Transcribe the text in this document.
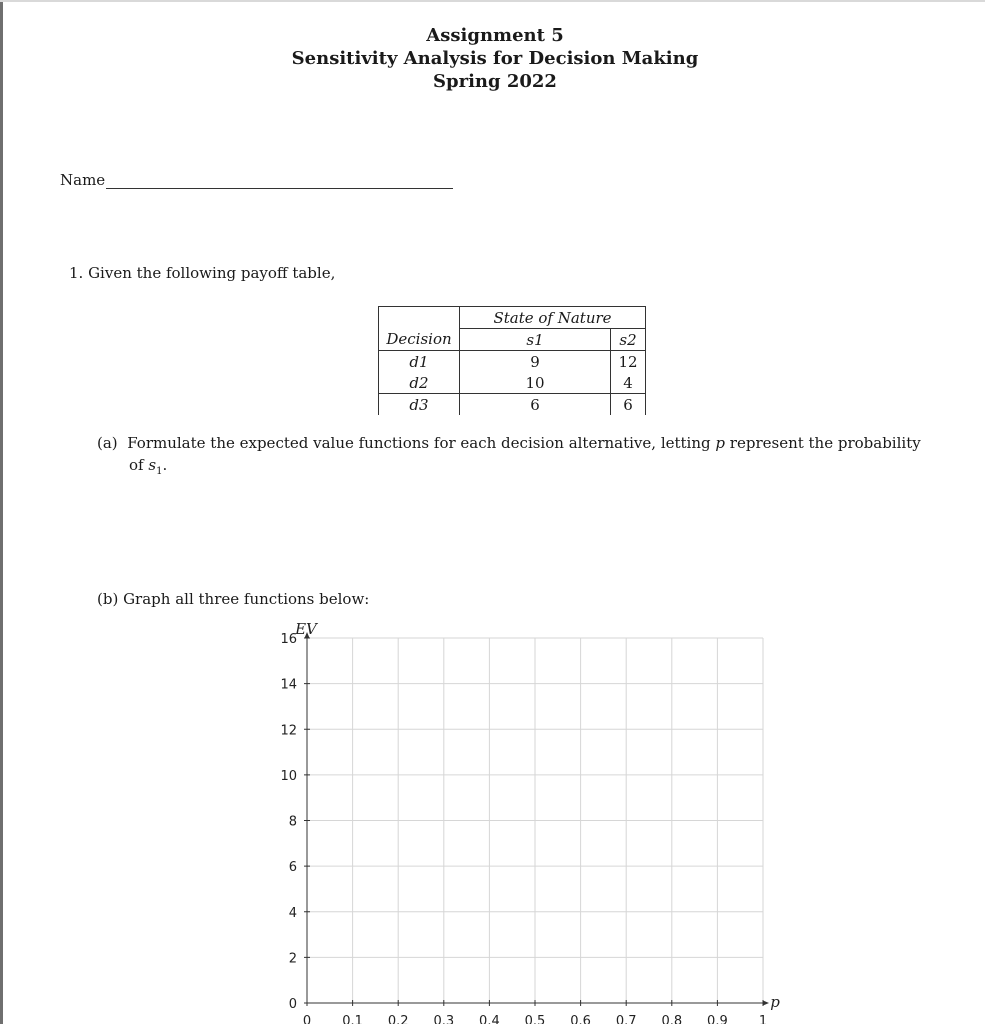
Assignment 5
Sensitivity Analysis for Decision Making
Spring 2022
Name
1. Given the following payoff table,
	State of Nature	
Decision	s1	s2
d1	9	12
d2	10	4
d3	6	6
(a) Formulate the expected value functions for each decision alternative, letting p represent the probability
of $s_1$.
(b) Graph all three functions below:
0
2
4
6
8
10
12
14
16
0 0.1 0.2 0.3 0.4 0.5 0.6 0.7 0.8 0.9 1
EV
p
